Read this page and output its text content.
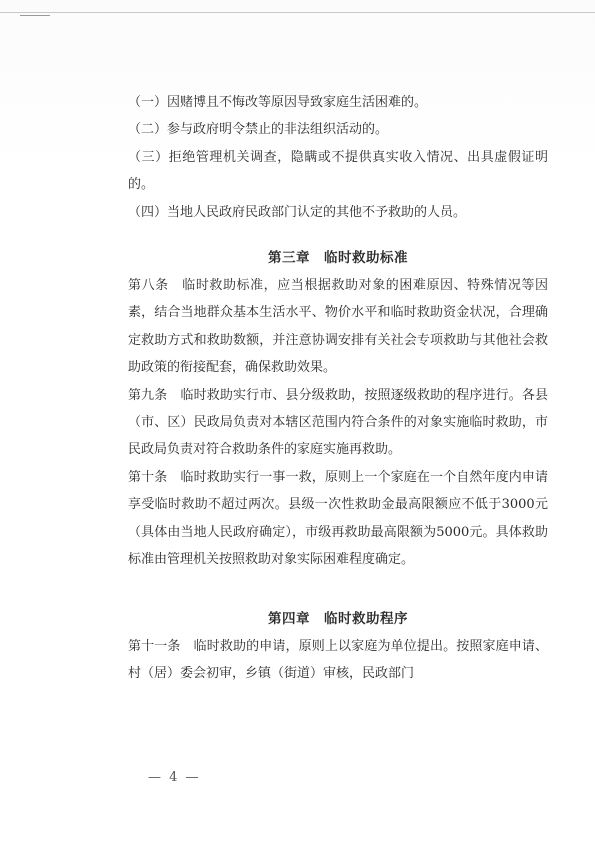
（一）因赌博且不悔改等原因导致家庭生活困难的。

（二）参与政府明令禁止的非法组织活动的。

（三）拒绝管理机关调查，隐瞒或不提供真实收入情况、出具虚假证明的。

（四）当地人民政府民政部门认定的其他不予救助的人员。

第三章　临时救助标准

第八条　临时救助标准，应当根据救助对象的困难原因、特殊情况等因素，结合当地群众基本生活水平、物价水平和临时救助资金状况，合理确定救助方式和救助数额，并注意协调安排有关社会专项救助与其他社会救助政策的衔接配套，确保救助效果。

第九条　临时救助实行市、县分级救助，按照逐级救助的程序进行。各县（市、区）民政局负责对本辖区范围内符合条件的对象实施临时救助，市民政局负责对符合救助条件的家庭实施再救助。

第十条　临时救助实行一事一救，原则上一个家庭在一个自然年度内申请享受临时救助不超过两次。县级一次性救助金最高限额应不低于3000元（具体由当地人民政府确定），市级再救助最高限额为5000元。具体救助标准由管理机关按照救助对象实际困难程度确定。

第四章　临时救助程序

第十一条　临时救助的申请，原则上以家庭为单位提出。按照家庭申请、村（居）委会初审，乡镇（街道）审核，民政部门

— 4 —
